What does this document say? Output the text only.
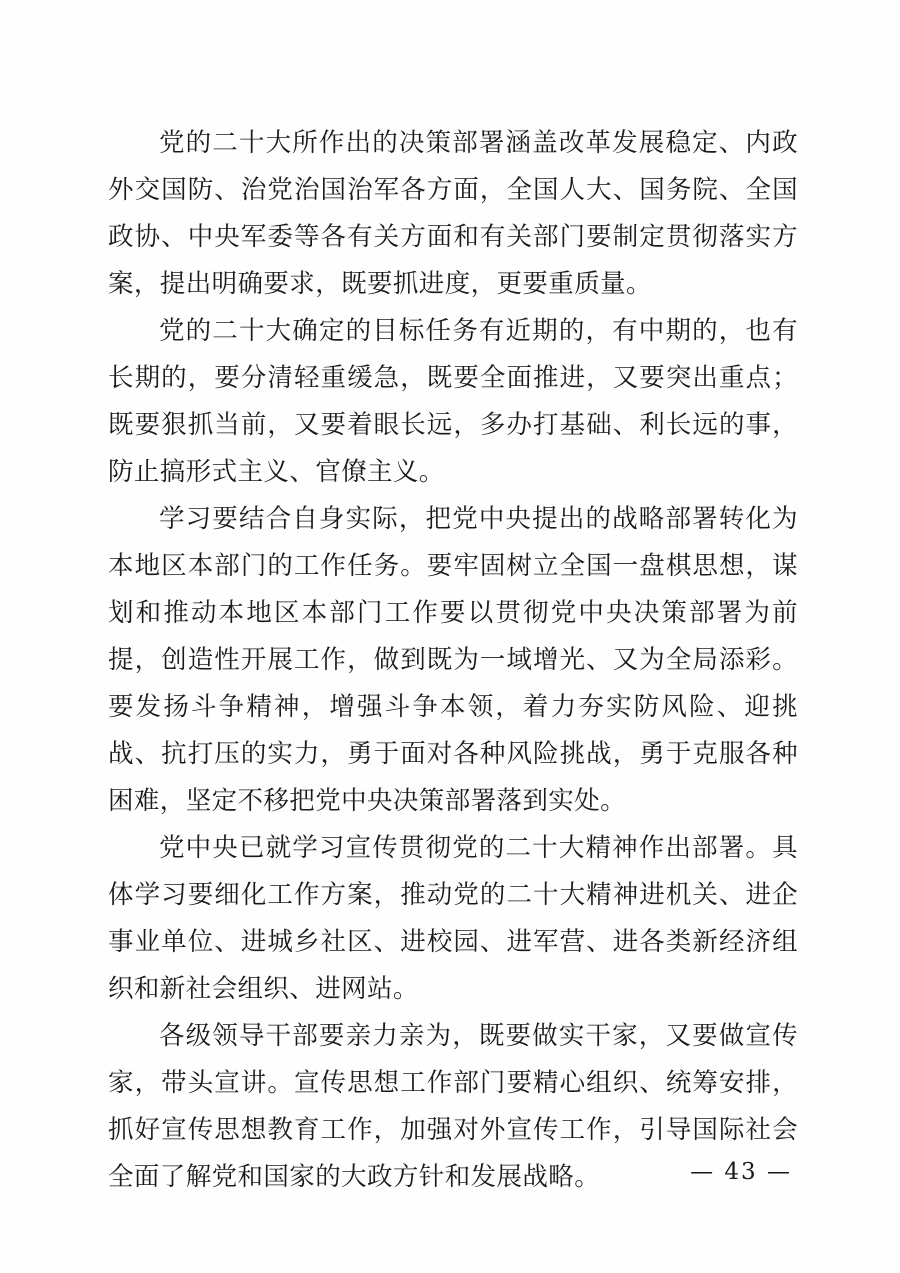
党的二十大所作出的决策部署涵盖改革发展稳定、内政外交国防、治党治国治军各方面，全国人大、国务院、全国政协、中央军委等各有关方面和有关部门要制定贯彻落实方案，提出明确要求，既要抓进度，更要重质量。

党的二十大确定的目标任务有近期的，有中期的，也有长期的，要分清轻重缓急，既要全面推进，又要突出重点；既要狠抓当前，又要着眼长远，多办打基础、利长远的事，防止搞形式主义、官僚主义。

学习要结合自身实际，把党中央提出的战略部署转化为本地区本部门的工作任务。要牢固树立全国一盘棋思想，谋划和推动本地区本部门工作要以贯彻党中央决策部署为前提，创造性开展工作，做到既为一域增光、又为全局添彩。要发扬斗争精神，增强斗争本领，着力夯实防风险、迎挑战、抗打压的实力，勇于面对各种风险挑战，勇于克服各种困难，坚定不移把党中央决策部署落到实处。

党中央已就学习宣传贯彻党的二十大精神作出部署。具体学习要细化工作方案，推动党的二十大精神进机关、进企事业单位、进城乡社区、进校园、进军营、进各类新经济组织和新社会组织、进网站。

各级领导干部要亲力亲为，既要做实干家，又要做宣传家，带头宣讲。宣传思想工作部门要精心组织、统筹安排，抓好宣传思想教育工作，加强对外宣传工作，引导国际社会全面了解党和国家的大政方针和发展战略。	— 43 —
